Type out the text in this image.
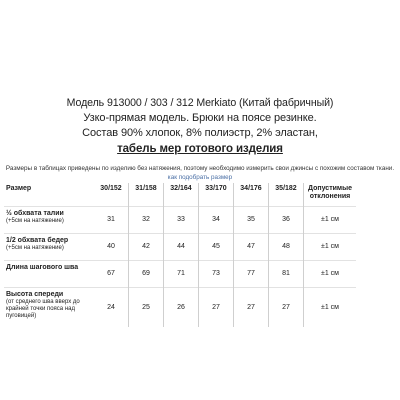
Модель 913000 / 303 / 312 Merkiato (Китай фабричный)
Узко-прямая модель. Брюки на поясе резинке.
Состав 90% хлопок, 8% полиэстр, 2% эластан,
табель мер готового изделия
Размеры в таблицах приведены по изделию без натяжения, поэтому необходимо измерить свои джинсы с похожим составом ткани. как подобрать размер
Размер	30/152	31/158	32/164	33/170	34/176	35/182	Допустимые отклонения
½ обхвата талии
(+5см на натяжение)	31	32	33	34	35	36	±1 см
1/2 обхвата бедер
(+5см на натяжение)	40	42	44	45	47	48	±1 см
Длина шагового шва	67	69	71	73	77	81	±1 см
Высота спереди
(от среднего шва вверх до крайней точки пояса над пуговицей)	24	25	26	27	27	27	±1 см
